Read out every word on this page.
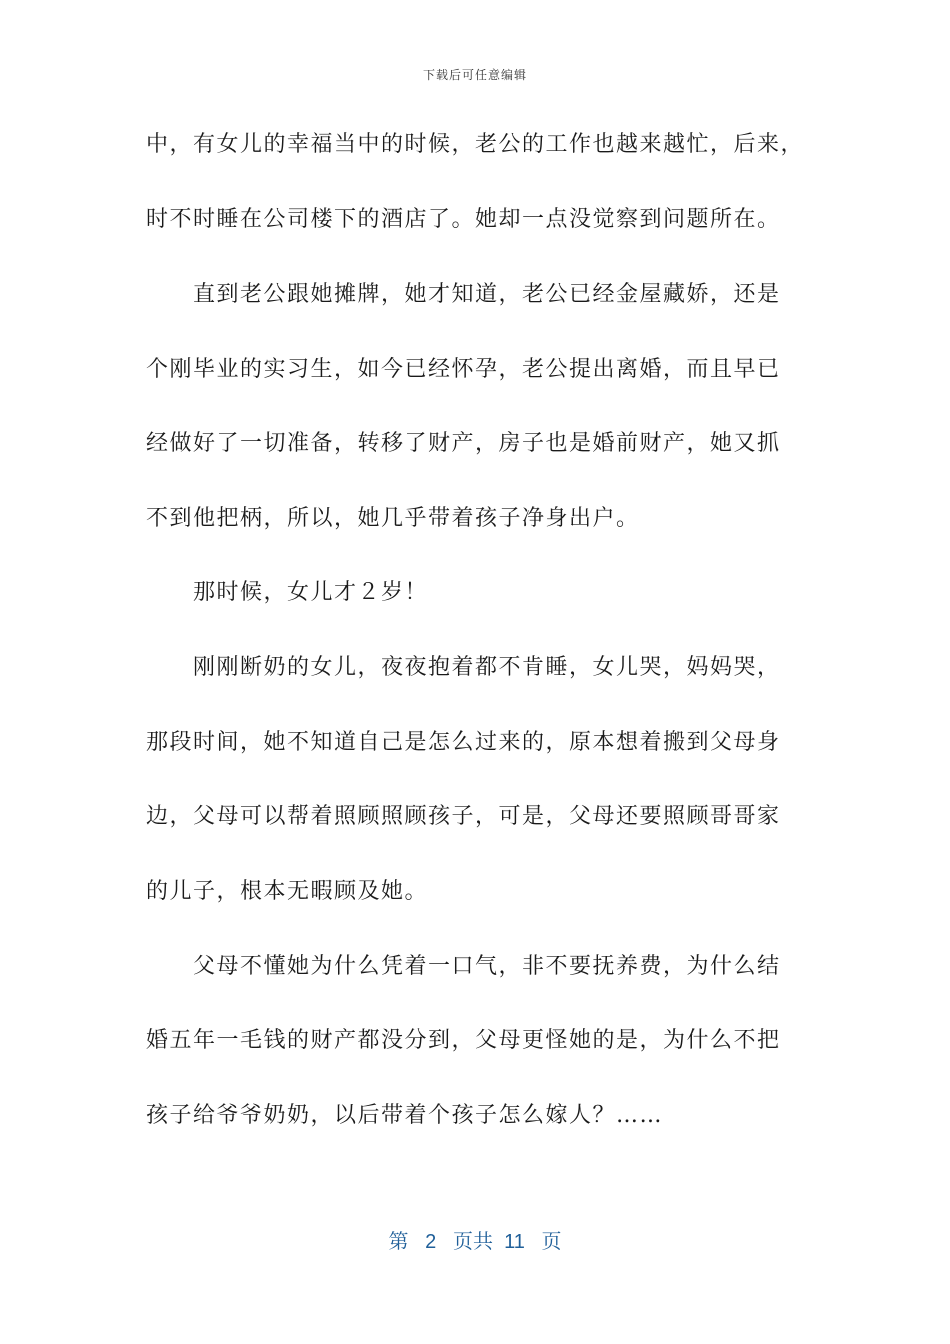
下载后可任意编辑
中，有女儿的幸福当中的时候，老公的工作也越来越忙，后来，
时不时睡在公司楼下的酒店了。她却一点没觉察到问题所在。
直到老公跟她摊牌，她才知道，老公已经金屋藏娇，还是
个刚毕业的实习生，如今已经怀孕，老公提出离婚，而且早已
经做好了一切准备，转移了财产，房子也是婚前财产，她又抓
不到他把柄，所以，她几乎带着孩子净身出户。
那时候，女儿才２岁！
刚刚断奶的女儿，夜夜抱着都不肯睡，女儿哭，妈妈哭，
那段时间，她不知道自己是怎么过来的，原本想着搬到父母身
边，父母可以帮着照顾照顾孩子，可是，父母还要照顾哥哥家
的儿子，根本无暇顾及她。
父母不懂她为什么凭着一口气，非不要抚养费，为什么结
婚五年一毛钱的财产都没分到，父母更怪她的是，为什么不把
孩子给爷爷奶奶，以后带着个孩子怎么嫁人？……
第 2 页共 11 页
